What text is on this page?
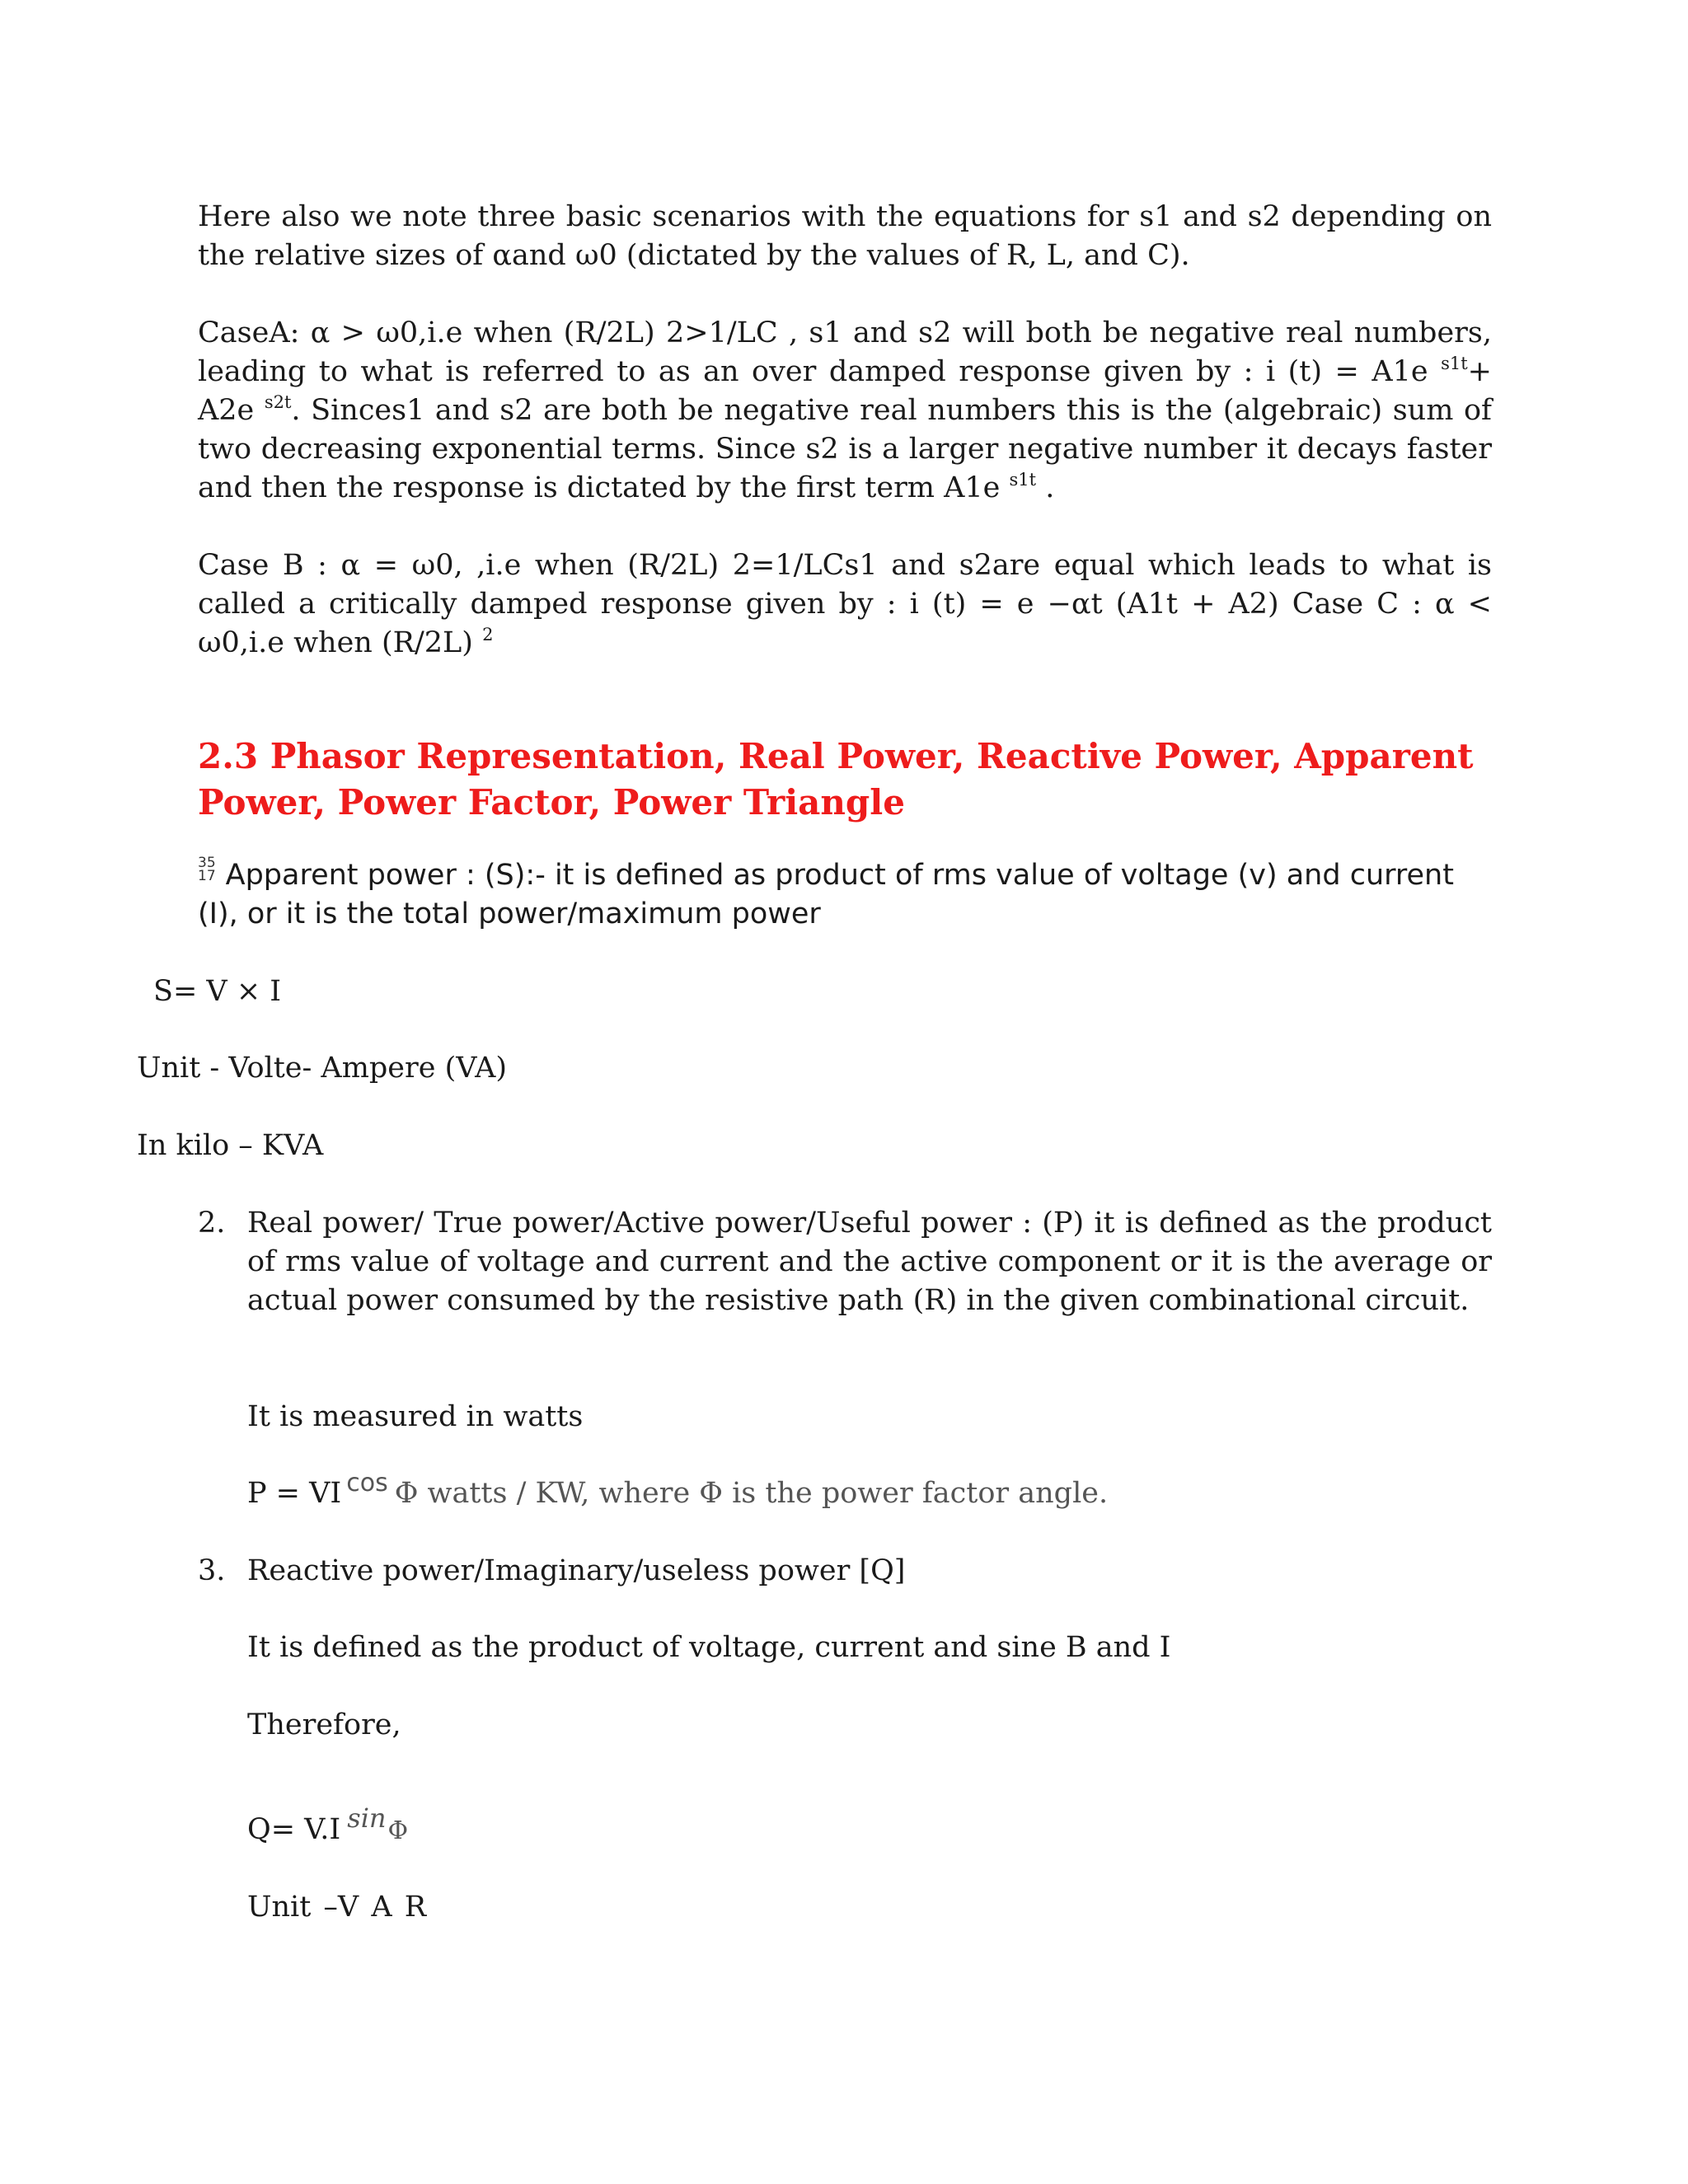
Here also we note three basic scenarios with the equations for s1 and s2 depending on the relative sizes of αand ω0 (dictated by the values of R, L, and C).

CaseA: α > ω0,i.e when (R/2L) 2>1/LC , s1 and s2 will both be negative real numbers, leading to what is referred to as an over damped response given by : i (t) = A1e $^{s1t}$+ A2e $^{s2t}$. Sinces1 and s2 are both be negative real numbers this is the (algebraic) sum of two decreasing exponential terms. Since s2 is a larger negative number it decays faster and then the response is dictated by the first term A1e $^{s1t}$ .

Case B : α = ω0, ,i.e when (R/2L) 2=1/LCs1 and s2are equal which leads to what is called a critically damped response given by : i (t) = e −αt (A1t + A2) Case C : α < ω0,i.e when (R/2L) $^2$

2.3 Phasor Representation, Real Power, Reactive Power, Apparent Power, Power Factor, Power Triangle

35
17 Apparent power : (S):- it is defined as product of rms value of voltage (v) and current (I), or it is the total power/maximum power

S= V × I

Unit - Volte- Ampere (VA)

In kilo – KVA

2. Real power/ True power/Active power/Useful power : (P) it is defined as the product of rms value of voltage and current and the active component or it is the average or actual power consumed by the resistive path (R) in the given combinational circuit.

It is measured in watts

P = VI cos Φ watts / KW, where Φ is the power factor angle.

3. Reactive power/Imaginary/useless power [Q]

It is defined as the product of voltage, current and sine B and I

Therefore,

Q= V.I sinΦ

Unit –V A R
